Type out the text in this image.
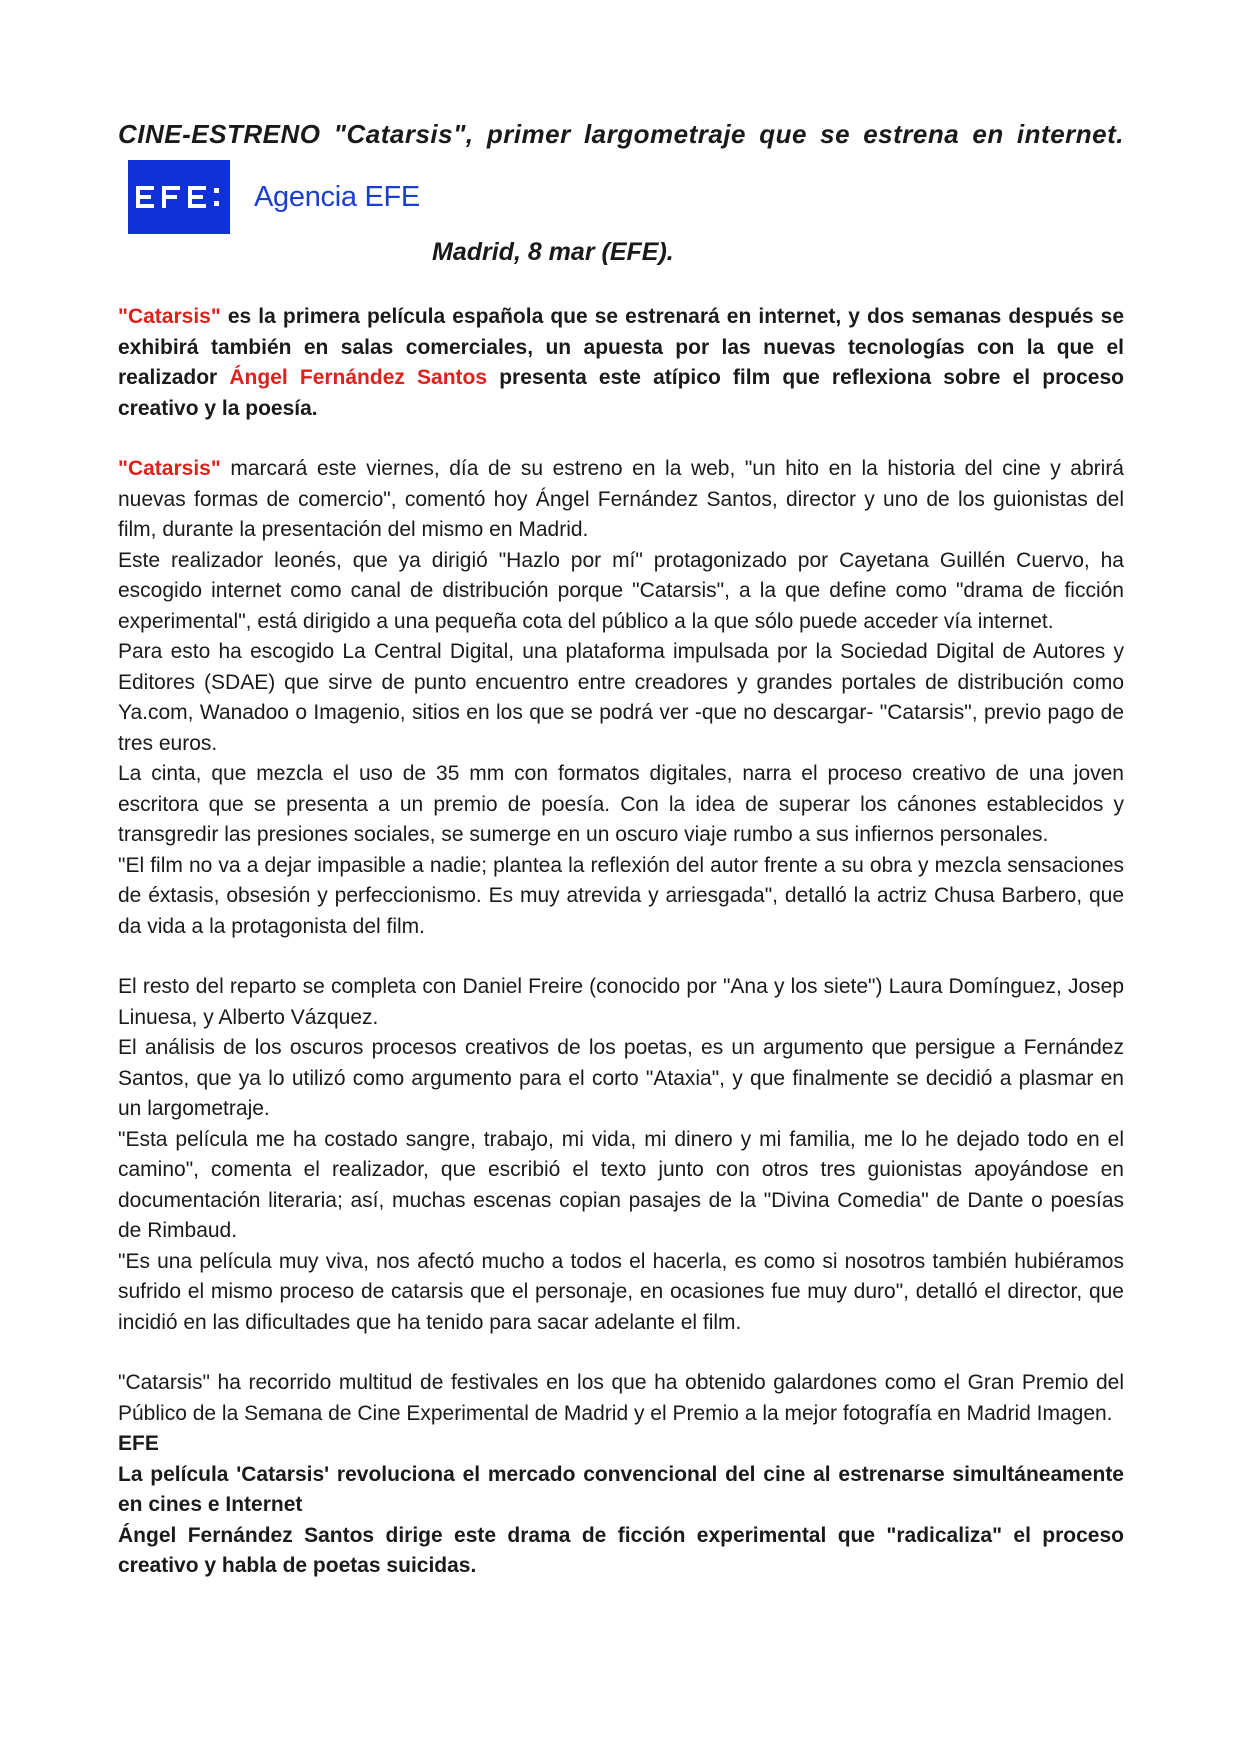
CINE-ESTRENO "Catarsis", primer largometraje que se estrena en internet.

Agencia EFE

Madrid, 8 mar (EFE).

"Catarsis" es la primera película española que se estrenará en internet, y dos semanas después se exhibirá también en salas comerciales, un apuesta por las nuevas tecnologías con la que el realizador Ángel Fernández Santos presenta este atípico film que reflexiona sobre el proceso creativo y la poesía.

"Catarsis" marcará este viernes, día de su estreno en la web, "un hito en la historia del cine y abrirá nuevas formas de comercio", comentó hoy Ángel Fernández Santos, director y uno de los guionistas del film, durante la presentación del mismo en Madrid.

Este realizador leonés, que ya dirigió "Hazlo por mí" protagonizado por Cayetana Guillén Cuervo, ha escogido internet como canal de distribución porque "Catarsis", a la que define como "drama de ficción experimental", está dirigido a una pequeña cota del público a la que sólo puede acceder vía internet.

Para esto ha escogido La Central Digital, una plataforma impulsada por la Sociedad Digital de Autores y Editores (SDAE) que sirve de punto encuentro entre creadores y grandes portales de distribución como Ya.com, Wanadoo o Imagenio, sitios en los que se podrá ver -que no descargar- "Catarsis", previo pago de tres euros.

La cinta, que mezcla el uso de 35 mm con formatos digitales, narra el proceso creativo de una joven escritora que se presenta a un premio de poesía. Con la idea de superar los cánones establecidos y transgredir las presiones sociales, se sumerge en un oscuro viaje rumbo a sus infiernos personales.

"El film no va a dejar impasible a nadie; plantea la reflexión del autor frente a su obra y mezcla sensaciones de éxtasis, obsesión y perfeccionismo. Es muy atrevida y arriesgada", detalló la actriz Chusa Barbero, que da vida a la protagonista del film.

El resto del reparto se completa con Daniel Freire (conocido por "Ana y los siete") Laura Domínguez, Josep Linuesa, y Alberto Vázquez.

El análisis de los oscuros procesos creativos de los poetas, es un argumento que persigue a Fernández Santos, que ya lo utilizó como argumento para el corto "Ataxia", y que finalmente se decidió a plasmar en un largometraje.

"Esta película me ha costado sangre, trabajo, mi vida, mi dinero y mi familia, me lo he dejado todo en el camino", comenta el realizador, que escribió el texto junto con otros tres guionistas apoyándose en documentación literaria; así, muchas escenas copian pasajes de la "Divina Comedia" de Dante o poesías de Rimbaud.

"Es una película muy viva, nos afectó mucho a todos el hacerla, es como si nosotros también hubiéramos sufrido el mismo proceso de catarsis que el personaje, en ocasiones fue muy duro", detalló el director, que incidió en las dificultades que ha tenido para sacar adelante el film.

"Catarsis" ha recorrido multitud de festivales en los que ha obtenido galardones como el Gran Premio del Público de la Semana de Cine Experimental de Madrid y el Premio a la mejor fotografía en Madrid Imagen.

EFE

La película 'Catarsis' revoluciona el mercado convencional del cine al estrenarse simultáneamente en cines e Internet

Ángel Fernández Santos dirige este drama de ficción experimental que "radicaliza" el proceso creativo y habla de poetas suicidas.
